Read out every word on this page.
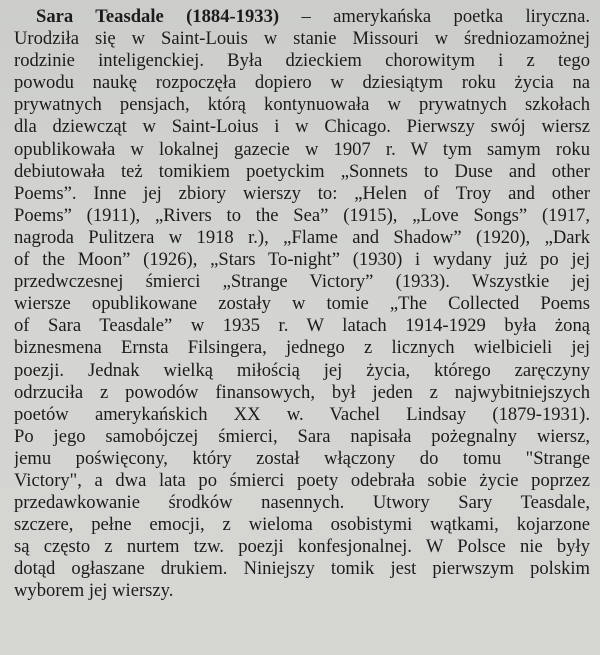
Sara Teasdale (1884-1933) – amerykańska poetka liryczna.
Urodziła się w Saint-Louis w stanie Missouri w średniozamożnej
rodzinie inteligenckiej. Była dzieckiem chorowitym i z tego
powodu naukę rozpoczęła dopiero w dziesiątym roku życia na
prywatnych pensjach, którą kontynuowała w prywatnych szkołach
dla dziewcząt w Saint-Loius i w Chicago. Pierwszy swój wiersz
opublikowała w lokalnej gazecie w 1907 r. W tym samym roku
debiutowała też tomikiem poetyckim „Sonnets to Duse and other
Poems”. Inne jej zbiory wierszy to: „Helen of Troy and other
Poems” (1911), „Rivers to the Sea” (1915), „Love Songs” (1917,
nagroda Pulitzera w 1918 r.), „Flame and Shadow” (1920), „Dark
of the Moon” (1926), „Stars To-night” (1930) i wydany już po jej
przedwczesnej śmierci „Strange Victory” (1933). Wszystkie jej
wiersze opublikowane zostały w tomie „The Collected Poems
of Sara Teasdale” w 1935 r. W latach 1914-1929 była żoną
biznesmena Ernsta Filsingera, jednego z licznych wielbicieli jej
poezji. Jednak wielką miłością jej życia, którego zaręczyny
odrzuciła z powodów finansowych, był jeden z najwybitniejszych
poetów amerykańskich XX w. Vachel Lindsay (1879-1931).
Po jego samobójczej śmierci, Sara napisała pożegnalny wiersz,
jemu poświęcony, który został włączony do tomu "Strange
Victory", a dwa lata po śmierci poety odebrała sobie życie poprzez
przedawkowanie środków nasennych. Utwory Sary Teasdale,
szczere, pełne emocji, z wieloma osobistymi wątkami, kojarzone
są często z nurtem tzw. poezji konfesjonalnej. W Polsce nie były
dotąd ogłaszane drukiem. Niniejszy tomik jest pierwszym polskim
wyborem jej wierszy.
